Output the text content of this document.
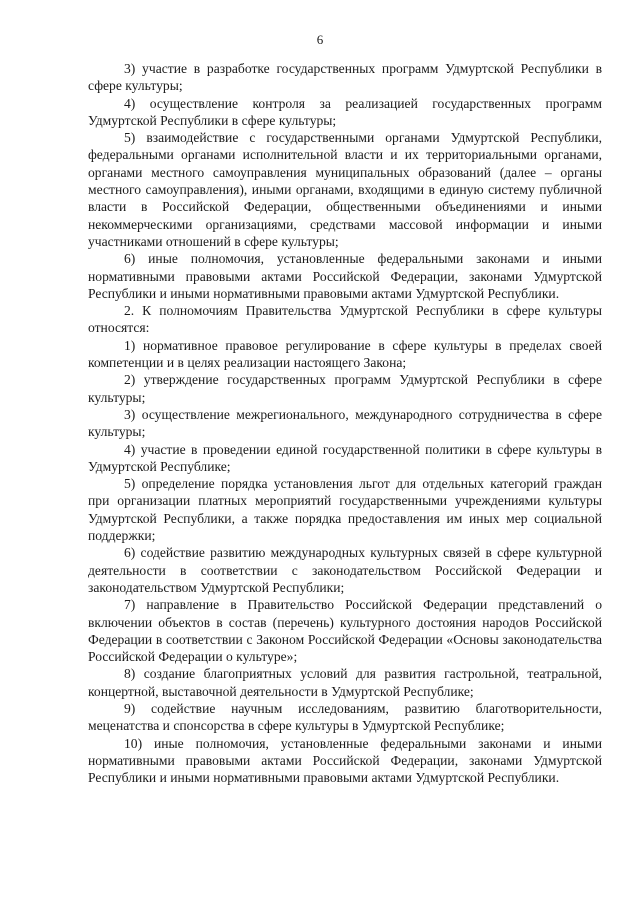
6

3) участие в разработке государственных программ Удмуртской Республики в сфере культуры;

4) осуществление контроля за реализацией государственных программ Удмуртской Республики в сфере культуры;

5) взаимодействие с государственными органами Удмуртской Республики, федеральными органами исполнительной власти и их территориальными органами, органами местного самоуправления муниципальных образований (далее – органы местного самоуправления), иными органами, входящими в единую систему публичной власти в Российской Федерации, общественными объединениями и иными некоммерческими организациями, средствами массовой информации и иными участниками отношений в сфере культуры;

6) иные полномочия, установленные федеральными законами и иными нормативными правовыми актами Российской Федерации, законами Удмуртской Республики и иными нормативными правовыми актами Удмуртской Республики.

2. К полномочиям Правительства Удмуртской Республики в сфере культуры относятся:

1) нормативное правовое регулирование в сфере культуры в пределах своей компетенции и в целях реализации настоящего Закона;

2) утверждение государственных программ Удмуртской Республики в сфере культуры;

3) осуществление межрегионального, международного сотрудничества в сфере культуры;

4) участие в проведении единой государственной политики в сфере культуры в Удмуртской Республике;

5) определение порядка установления льгот для отдельных категорий граждан при организации платных мероприятий государственными учреждениями культуры Удмуртской Республики, а также порядка предоставления им иных мер социальной поддержки;

6) содействие развитию международных культурных связей в сфере культурной деятельности в соответствии с законодательством Российской Федерации и законодательством Удмуртской Республики;

7) направление в Правительство Российской Федерации представлений о включении объектов в состав (перечень) культурного достояния народов Российской Федерации в соответствии с Законом Российской Федерации «Основы законодательства Российской Федерации о культуре»;

8) создание благоприятных условий для развития гастрольной, театральной, концертной, выставочной деятельности в Удмуртской Республике;

9) содействие научным исследованиям, развитию благотворительности, меценатства и спонсорства в сфере культуры в Удмуртской Республике;

10) иные полномочия, установленные федеральными законами и иными нормативными правовыми актами Российской Федерации, законами Удмуртской Республики и иными нормативными правовыми актами Удмуртской Республики.
